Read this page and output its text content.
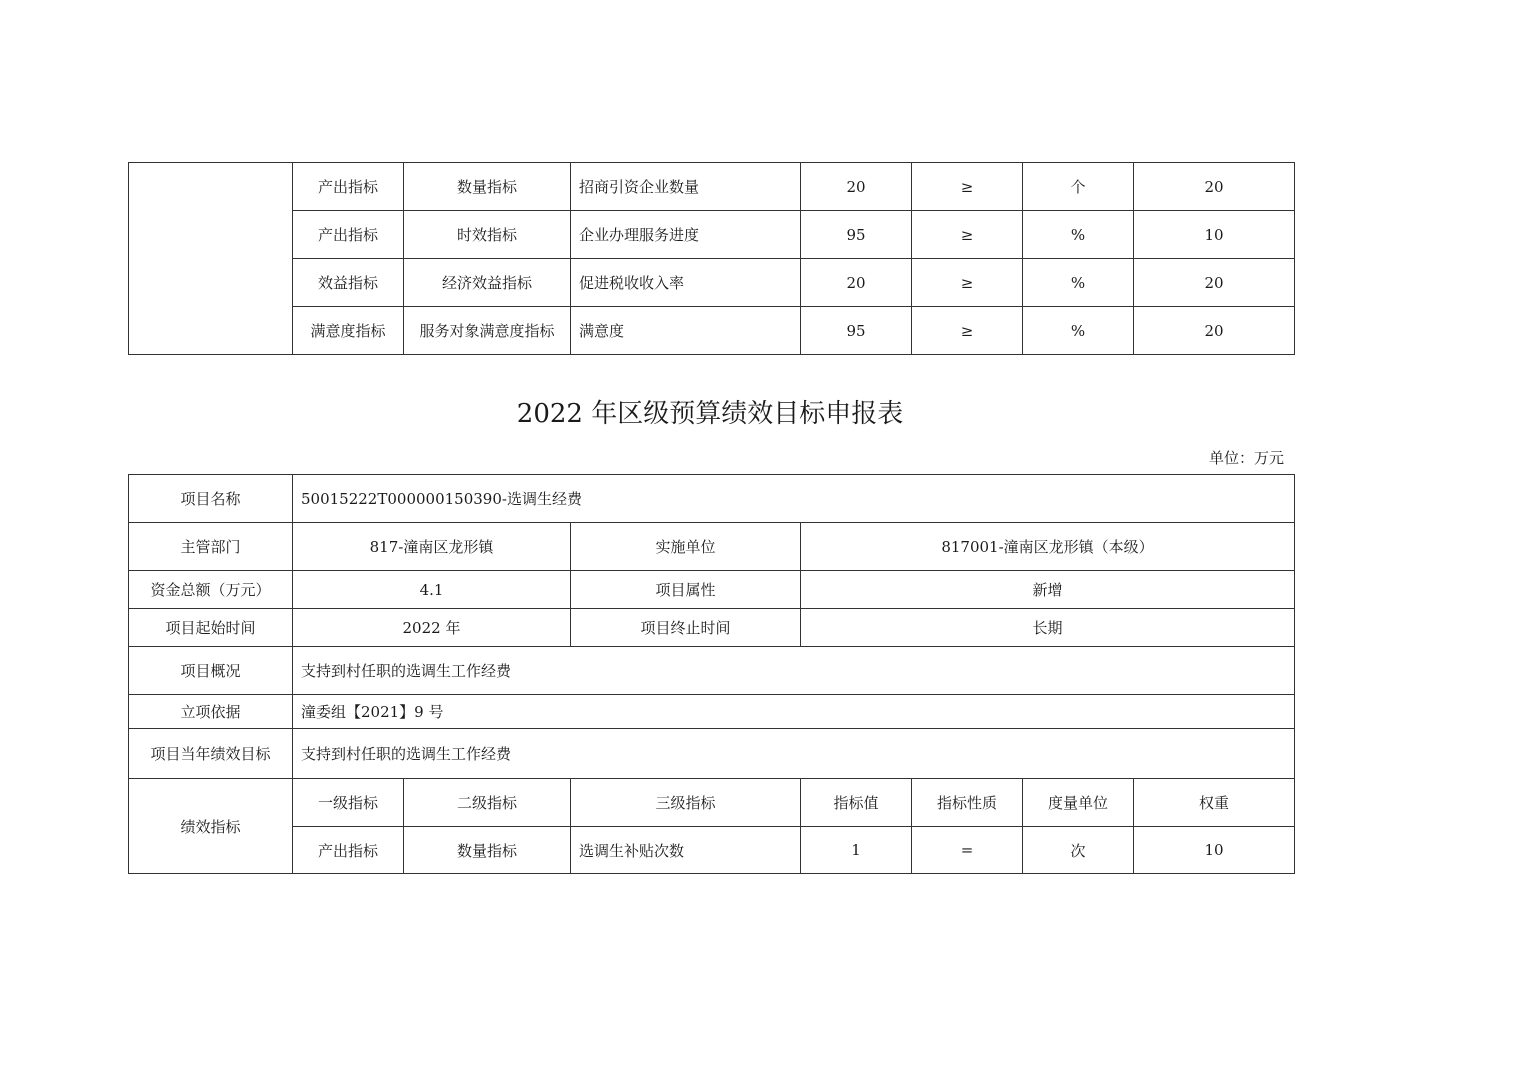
	产出指标	数量指标	招商引资企业数量	20	≥	个	20
	产出指标	时效指标	企业办理服务进度	95	≥	%	10
	效益指标	经济效益指标	促进税收收入率	20	≥	%	20
	满意度指标	服务对象满意度指标	满意度	95	≥	%	20
2022 年区级预算绩效目标申报表
单位：万元
项目名称	50015222T000000150390-选调生经费						
主管部门	817-潼南区龙形镇		实施单位	817001-潼南区龙形镇（本级）			
资金总额（万元）	4.1		项目属性	新增			
项目起始时间	2022 年		项目终止时间	长期			
项目概况	支持到村任职的选调生工作经费						
立项依据	潼委组【2021】9 号						
项目当年绩效目标	支持到村任职的选调生工作经费						
绩效指标	一级指标	二级指标	三级指标	指标值	指标性质	度量单位	权重
	产出指标	数量指标	选调生补贴次数	1	=	次	10
